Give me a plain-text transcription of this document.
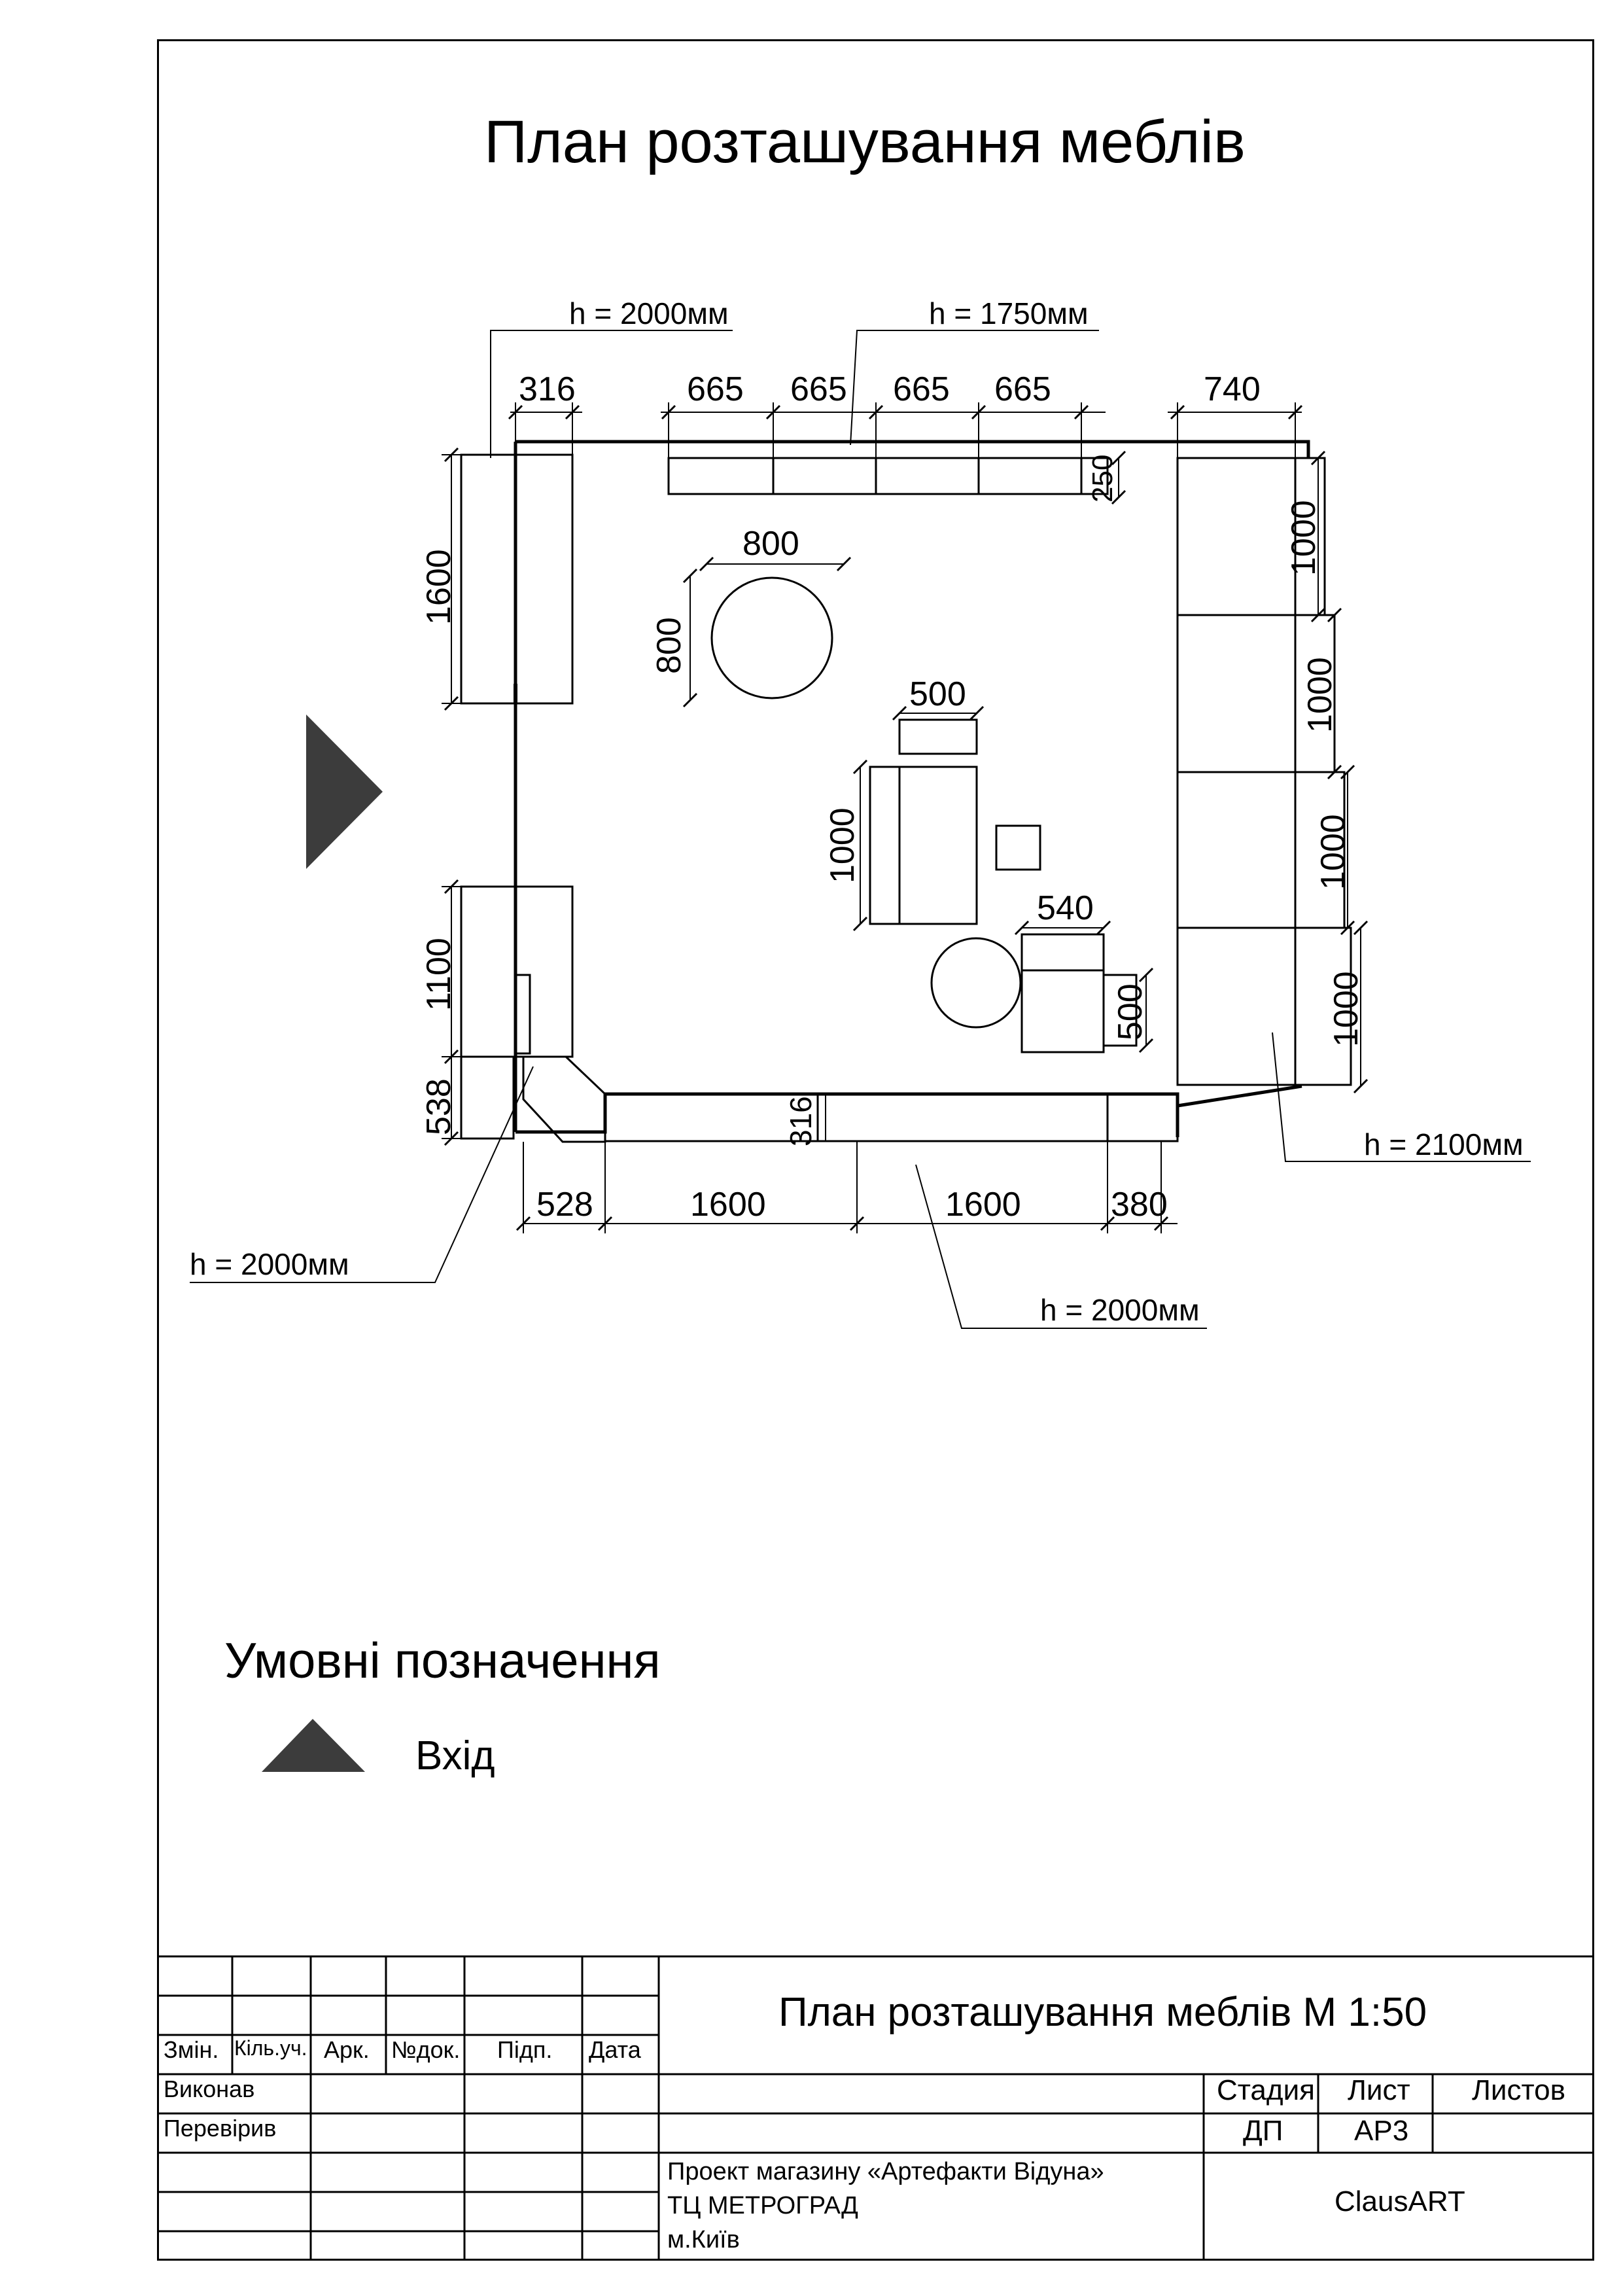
План розташування меблів
316	665 665 665 665	740
250
1600
1100
538
800
800
500
1000
540
500
316
528	1600	1600	380
1000
1000
1000
1000
h = 2000мм	h = 1750мм
h = 2100мм
h = 2000мм
h = 2000мм
Умовні позначення
Вхід
Змін. Кіль.уч. Арк. №док. Підп. Дата
Виконав
Перевірив
План розташування меблів М 1:50
Стадия Лист Листов
ДП АР3
Проект магазину «Артефакти Відуна»
ТЦ МЕТРОГРАД
м.Київ
ClausART
